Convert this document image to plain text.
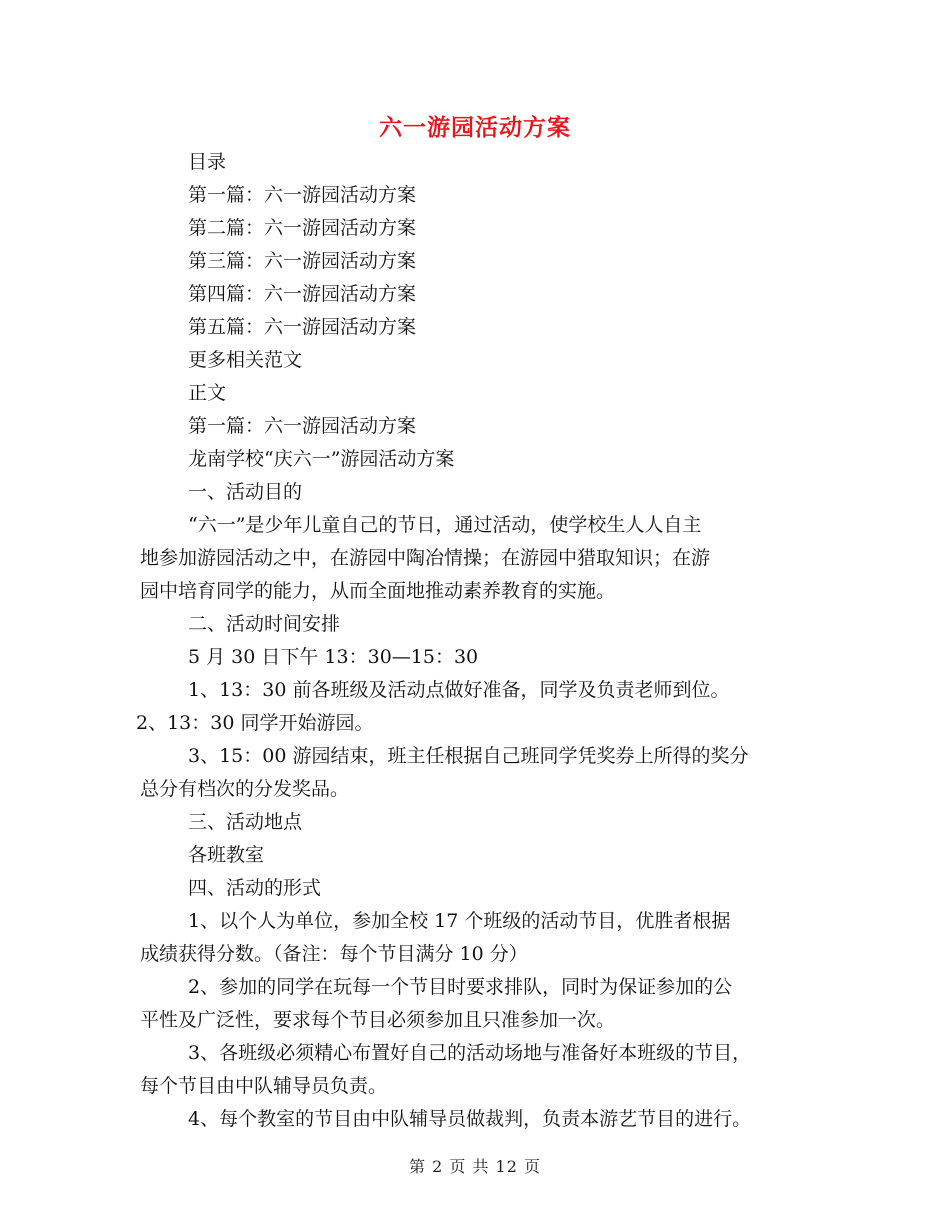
六一游园活动方案
目录
第一篇：六一游园活动方案
第二篇：六一游园活动方案
第三篇：六一游园活动方案
第四篇：六一游园活动方案
第五篇：六一游园活动方案
更多相关范文
正文
第一篇：六一游园活动方案
龙南学校“庆六一”游园活动方案
一、活动目的
“六一”是少年儿童自己的节日，通过活动，使学校生人人自主
地参加游园活动之中，在游园中陶冶情操；在游园中猎取知识；在游
园中培育同学的能力，从而全面地推动素养教育的实施。
二、活动时间安排
5 月 30 日下午 13：30—15：30
1、13：30 前各班级及活动点做好准备，同学及负责老师到位。
2、13：30 同学开始游园。
3、15：00 游园结束，班主任根据自己班同学凭奖券上所得的奖分
总分有档次的分发奖品。
三、活动地点
各班教室
四、活动的形式
1、以个人为单位，参加全校 17 个班级的活动节目，优胜者根据
成绩获得分数。（备注：每个节目满分 10 分）
2、参加的同学在玩每一个节目时要求排队，同时为保证参加的公
平性及广泛性，要求每个节目必须参加且只准参加一次。
3、各班级必须精心布置好自己的活动场地与准备好本班级的节目，
每个节目由中队辅导员负责。
4、每个教室的节目由中队辅导员做裁判，负责本游艺节目的进行。
第 2 页 共 12 页
